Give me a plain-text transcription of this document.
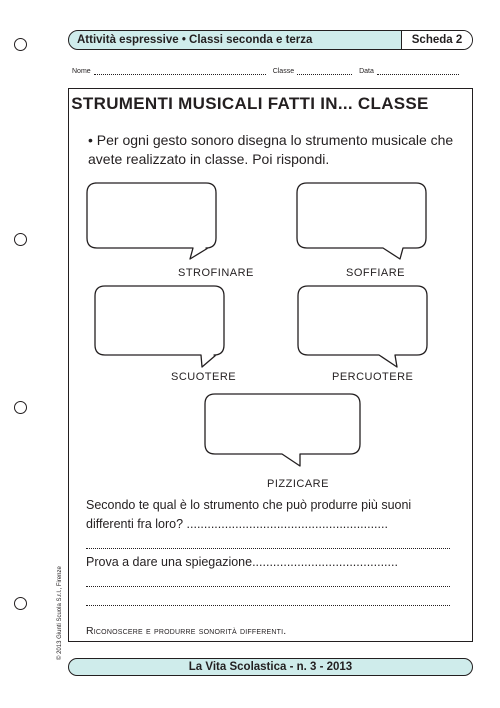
Attività espressive • Classi seconda e terza	Scheda 2
Nome	Classe	Data
STRUMENTI MUSICALI FATTI IN... CLASSE
• Per ogni gesto sonoro disegna lo strumento musicale che avete realizzato in classe. Poi rispondi.
STROFINARE	SOFFIARE
SCUOTERE	PERCUOTERE
PIZZICARE
Secondo te qual è lo strumento che può produrre più suoni
differenti fra loro? ..........................................................
Prova a dare una spiegazione..........................................
Riconoscere e produrre sonorità differenti.
La Vita Scolastica - n. 3 - 2013
© 2013 Giunti Scuola S.r.l., Firenze
